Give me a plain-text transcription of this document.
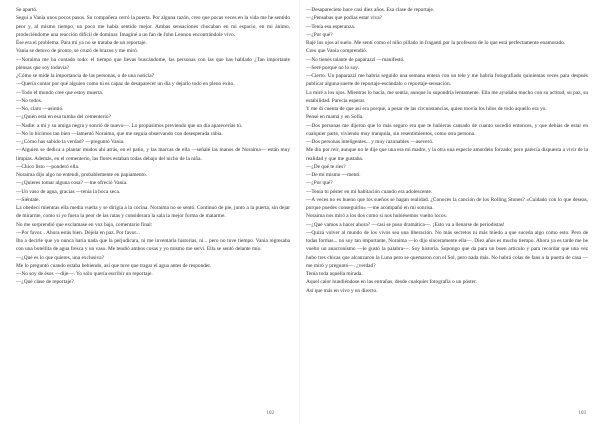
Se apartó.

Seguí a Vania unos pocos pasos. Su compañera cerró la puerta. Por alguna razón, creo que pocas veces en la vida me he sentido peor y, al mismo tiempo, un poco me había sentido mejor. Ambas sensaciones chocaban en mi espacio, en mi ánimo, produciéndome una reacción difícil de dominar. Imaginé a un fan de John Lennon encontrándole vivo.

Ése era el problema. Para mí ya no se trataba de un reportaje.

Vania se detuvo de pronto, se cruzó de brazos y me miró.

—Noraima me ha contado todo: el tiempo que llevas buscándome, las personas con las que has hablado ¿Tan importante piensas que soy todavía?

¿Cómo se mide la importancia de las personas, o de una noticia?

—Quería contar por qué alguien como tú es capaz de desaparecer un día y dejarlo todo en pleno éxito.

—Todo el mundo cree que estoy muerta.

—No todos.

—No, claro —asintió.

—¿Quién está en esa tumba del cementerio?

—Nadie: a mí y su amiga negra y sonrió de nuevo—. Lo propusimos previendo que un día aparecerías tú.

—No lo hicimos tan bien —lamentó Noraima, que me seguía observando con desesperada rabia.

—¿Cómo has sabido la verdad? —preguntó Vania.

—Alguien se dedica a plantar mudos ahí atrás, en el patio, y las marcas de ella —señalé las manos de Noraima— están muy limpias. Además, en el cementerio, las flores estaban todas debajo del nicho de la niña.

—Chico listo —ponderó ella.

Noraima dijo algo no entendí, probablemente en papiamento.

—¿Quieres tomar alguna cosa? —me ofreció Vania.

—Un vaso de agua, gracias —tenía la boca seca.

—Siéntate.

La obedecí mientras ella media vuelta y se dirigía a la cocina. Noraima no se sentó. Continuó de pie, junto a la puerta, sin dejar de mirarme, como si yo fuera la peor de las ratas y considerara la sala la mejor forma de matarme.

No me sorprendió que exclamase en voz baja, comentario final:

—Por favor... Ahora estás bien. Déjela en paz. Por favor...

Iba a decirle que yo nunca haría nada que la perjudicara, ni me inventaría historias, ni... pero no tuve tiempo. Vania regresaba con una botellita de agua fresca y un vaso. Me tendió ambos cosas y yo mismo me serví. Ella se sentó delante mío.

—¿Qué es lo que quieres, una exclusiva?

Me lo preguntó cuando estaba bebiendo, así que tuve que tragar el agua antes de responder.

—No soy de ésos —dije—. Yo sólo quería escribir un reportaje.

—¿Qué clase de reportaje?

102

—Desaparecieto hace casi diez años. Esa clase de reportaje.

—¿Pensabas que podías estar viva?

—Tenía esa esperanza.

—¿Por qué?

Bajé los ojos al suelo. Me sentí como el niño pillado in fraganti por la profesora de lo que está perfectamente enamorado.

Creo que Vania comprendió.

—No tienes talante de paparazzi —manifestó.

—Seré porque no lo soy.

—Cierto. Un paparazzi me habría seguido una semana entera con un tele y me habría fotografiado quinientas veces para después publicar alguna suerte de reportaje-escándalo o reportaje-sensación.

La miré a los ojos. Mientras lo hacía, me sentía, aunque lo supondría lentamente. Ella me ayudaba mucho con su actitud, su paz, su estabilidad. Parecía esperar.

Y me di cuenta de que así era porque, a pesar de las circunstancias, quien movía los hilos de todo aquello era yo.

Pensé en mamá y en Sofía.

—Dos personas me dijeron que lo más seguro era que te hubieras cansado de cuanto sucedió entonces, y que debías de estar en cualquier parte, viviendo muy tranquila, sin resentimientos, como otra persona.

—Dos personas inteligentes... y muy razonables —aseveró.

Me dio por reír, aunque no le dije que una era mi madre, y la otra una especie amordelo forzado; pero parecía dispuesta a vivir de la realidad y que me gustaba.

—¿De qué te ríes?

—De mí mismo —mentí.

—¿Por qué?

—Tenía tu póster en mi habitación cuando era adolescente.

—A veces no es bueno que los sueños se hagan realidad. ¿Conoces la canción de los Rolling Stones? «Cuidado con lo que deseas, porque puedes conseguirlo» —me acompañó en mi sonrisa.

Noraima nos miró a los dos como si nos hubiésemos vuelto locos.

—¿Qué vamos a hacer ahora? —casi se puso dramática—. ¡Esto va a llenarse de periodistas!

—Quizá volver al mundo de los vivos sea una liberación. No más secretos ni más miedo a que suceda algo como esto. Pero de todas formas... no soy tan importante, Noraima —lo dijo sinceramente ella—. Diez años es mucho tiempo. Ahora ya es tarde me he vuelto un anacronismo —le gustó la palabra—. Soy historia. Supongo que da para un buen artículo y para recordar que una vez hubo tres chicas que alcanzaron la Luna pero se quemaron con el Sol, pero nada más. No habrá colas de fans a la puerta de casa —me miró y preguntó—. ¿verdad?

Tenía toda aquella mirada.

Aquel calor hundiéndose en las entrañas, desde cualquier fotografía o un póster.

Así que más en vivo y en directo.

103
